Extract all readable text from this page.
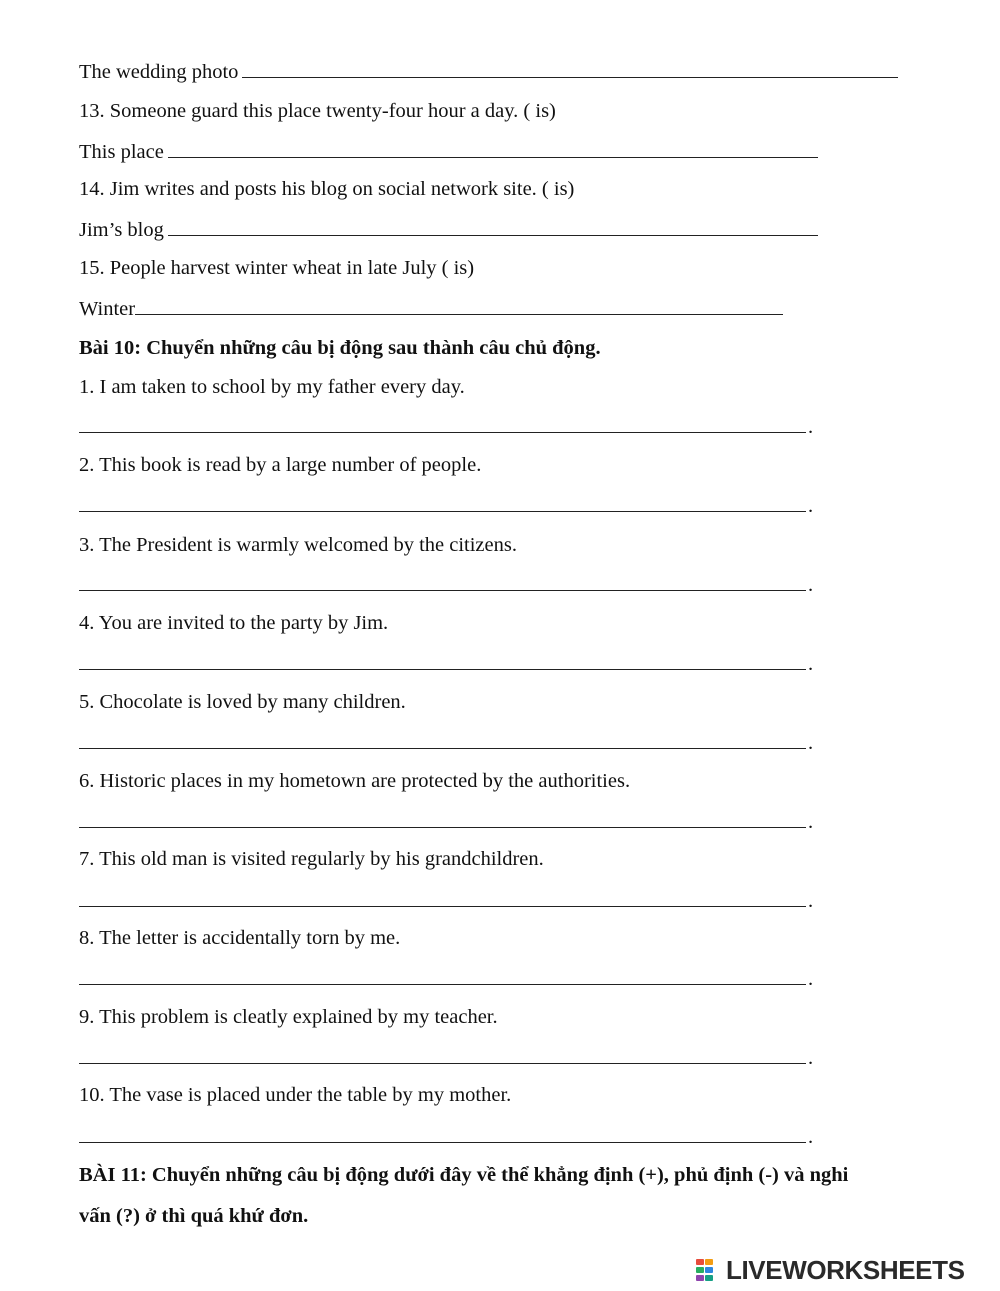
The wedding photo
13. Someone guard this place twenty-four hour a day. ( is)
This place
14. Jim writes and posts his blog on social network site. ( is)
Jim’s blog
15. People harvest winter wheat in late July ( is)
Winter
Bài 10: Chuyển những câu bị động sau thành câu chủ động.
1. I am taken to school by my father every day.
.
2. This book is read by a large number of people.
.
3. The President is warmly welcomed by the citizens.
.
4. You are invited to the party by Jim.
.
5. Chocolate is loved by many children.
.
6. Historic places in my hometown are protected by the authorities.
.
7. This old man is visited regularly by his grandchildren.
.
8. The letter is accidentally torn by me.
.
9. This problem is cleatly explained by my teacher.
.
10. The vase is placed under the table by my mother.
.
BÀI 11: Chuyển những câu bị động dưới đây về thể khẳng định (+), phủ định (-) và nghi
vấn (?) ở thì quá khứ đơn.
LIVEWORKSHEETS
